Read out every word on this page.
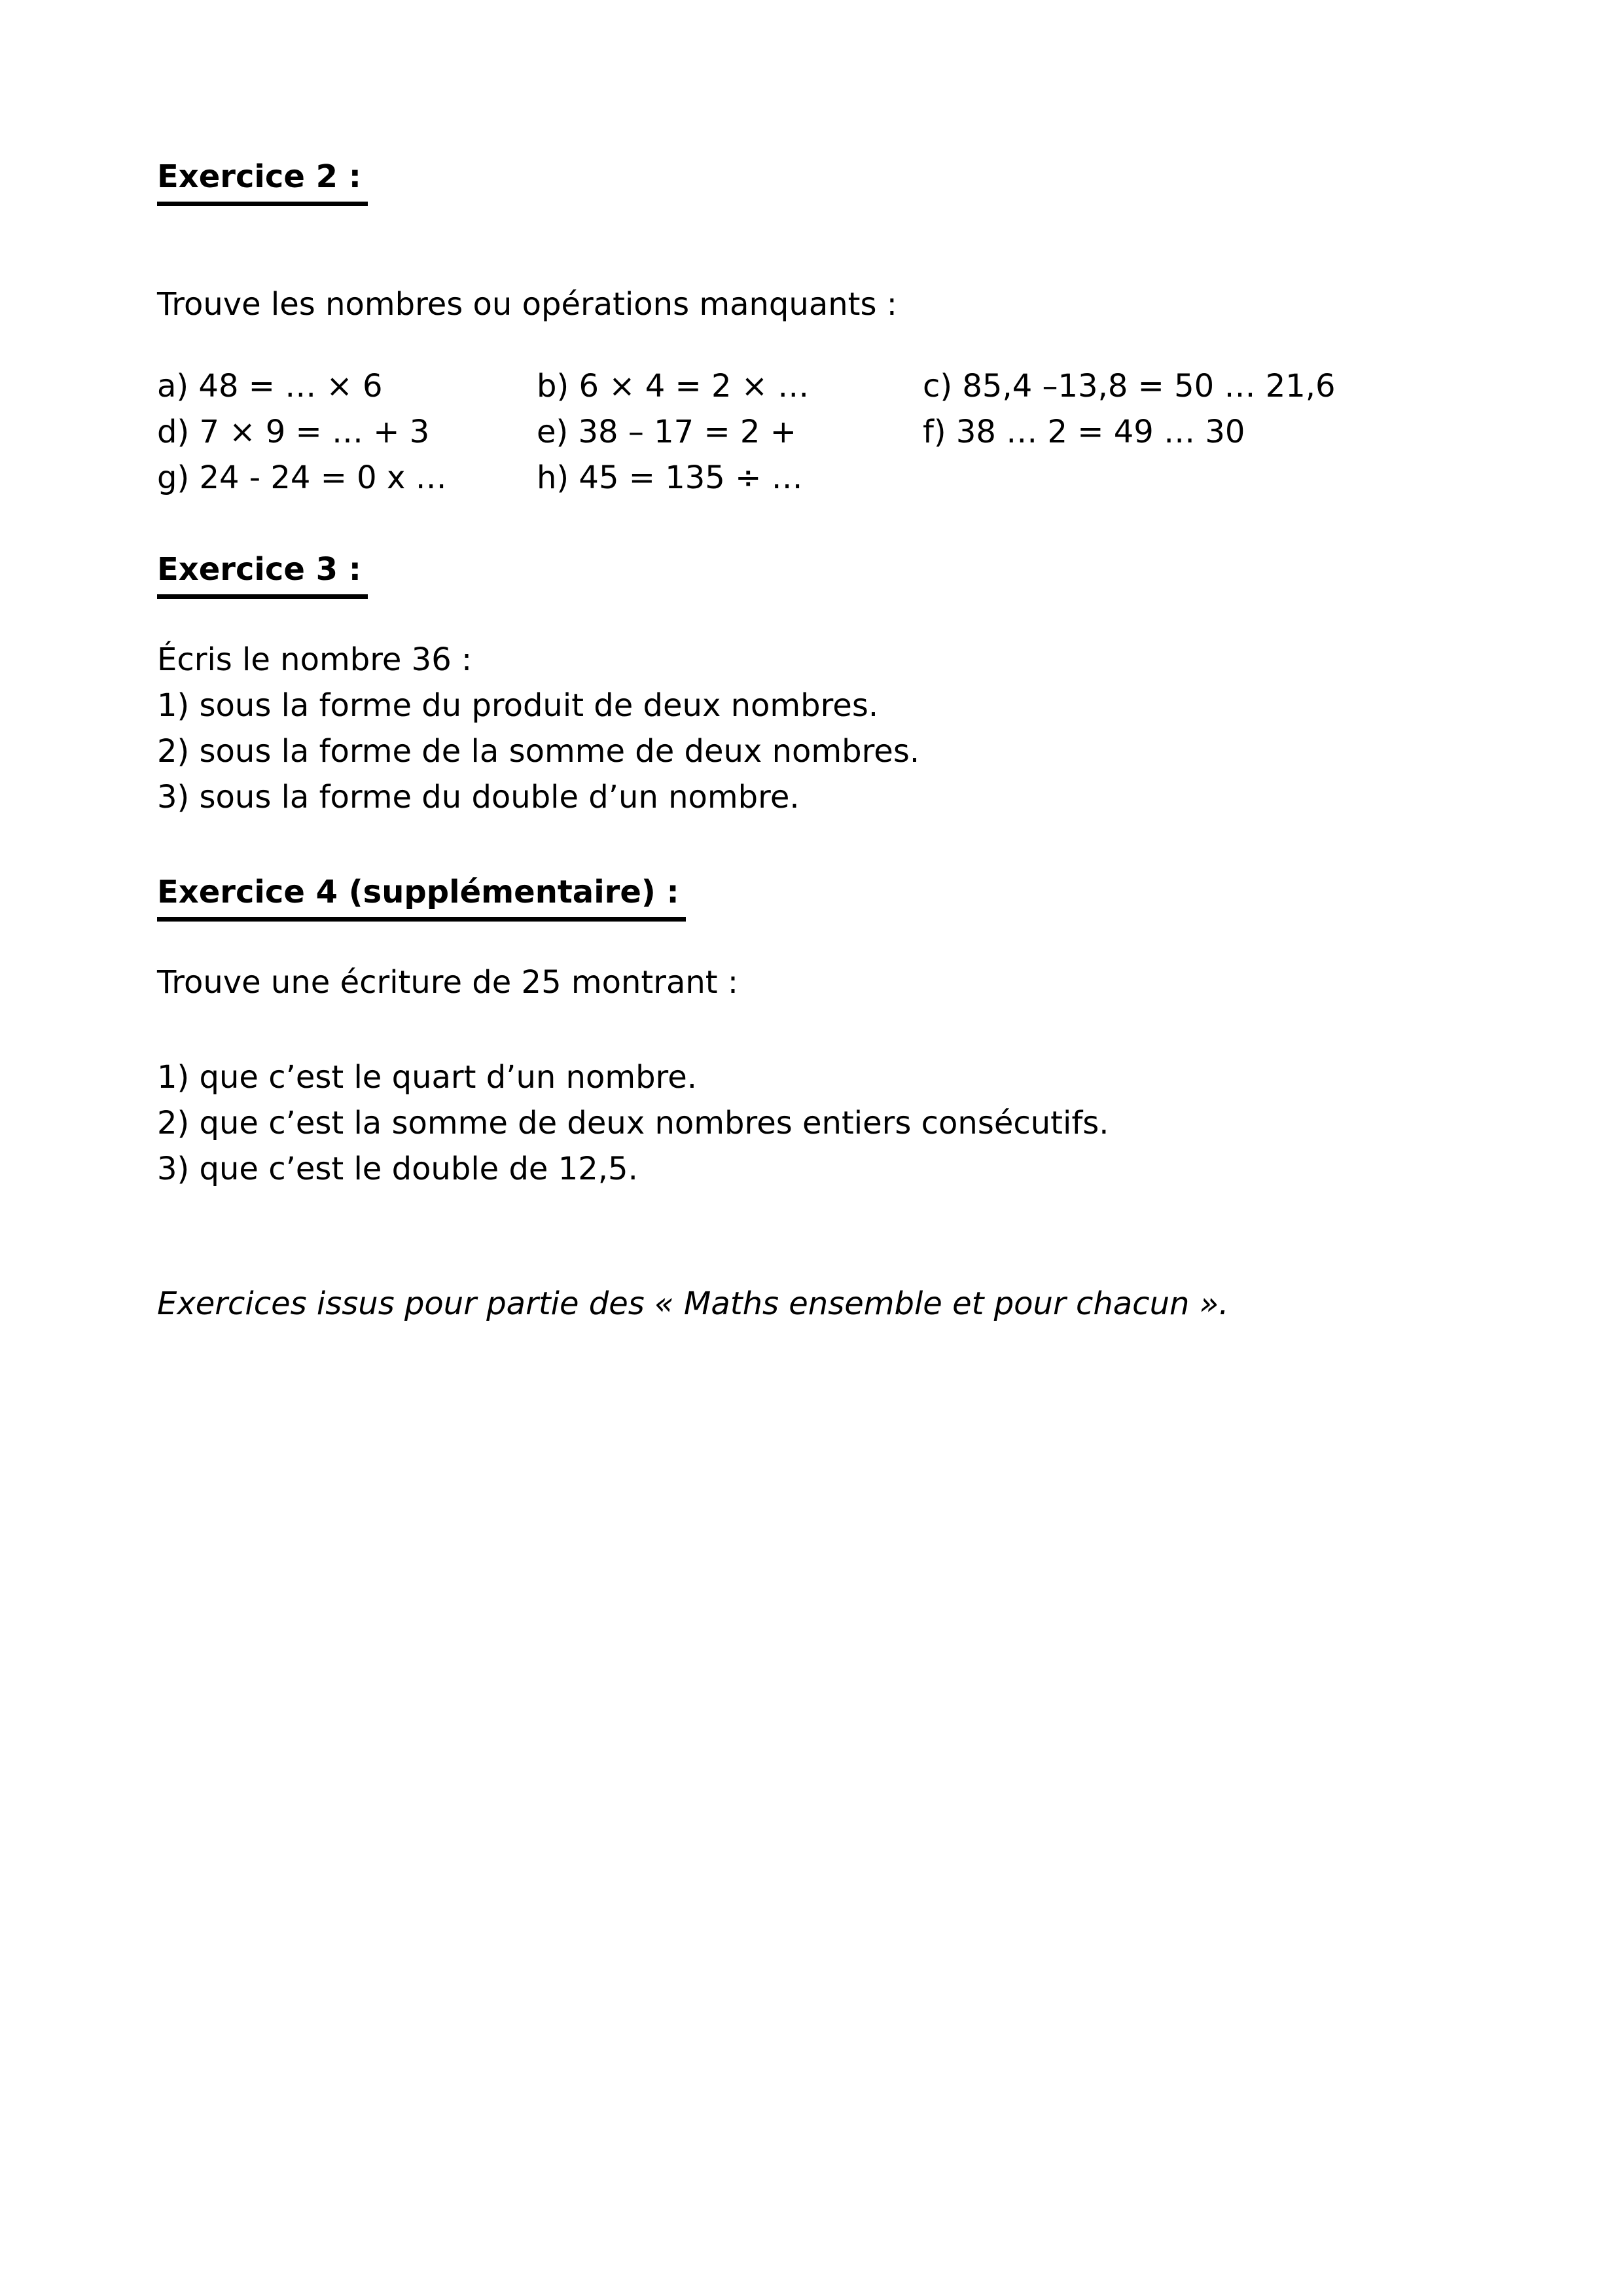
Exercice 2 :

Trouve les nombres ou opérations manquants :

a) 48 = … × 6	b) 6 × 4 = 2 × …	c) 85,4 –13,8 = 50 … 21,6
d) 7 × 9 = … + 3	e) 38 – 17 = 2 +	f) 38 … 2 = 49 … 30
g) 24 - 24 = 0 x …	h) 45 = 135 ÷ …
Exercice 3 :

Écris le nombre 36 :

1) sous la forme du produit de deux nombres.

2) sous la forme de la somme de deux nombres.

3) sous la forme du double d’un nombre.

Exercice 4 (supplémentaire) :

Trouve une écriture de 25 montrant :

1) que c’est le quart d’un nombre.

2) que c’est la somme de deux nombres entiers consécutifs.

3) que c’est le double de 12,5.

Exercices issus pour partie des « Maths ensemble et pour chacun ».
